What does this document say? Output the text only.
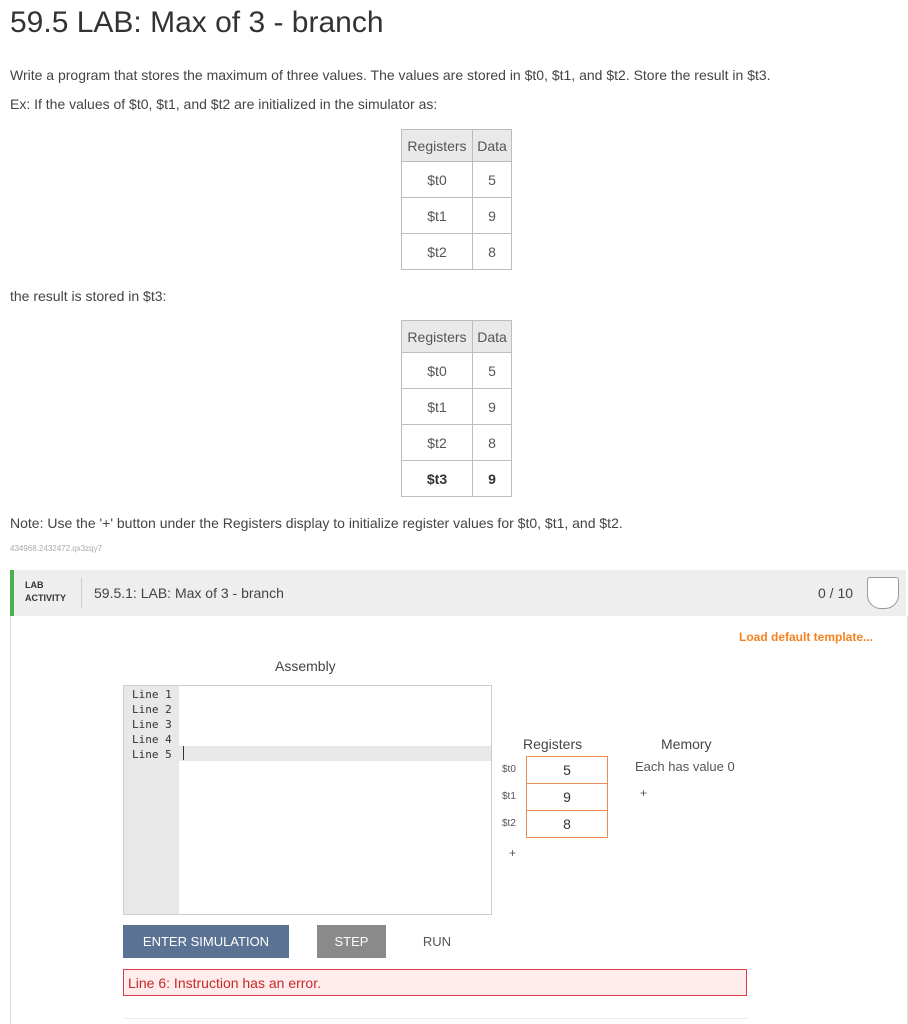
59.5 LAB: Max of 3 - branch

Write a program that stores the maximum of three values. The values are stored in $t0, $t1, and $t2. Store the result in $t3.

Ex: If the values of $t0, $t1, and $t2 are initialized in the simulator as:

Registers	Data
$t0	5
$t1	9
$t2	8

the result is stored in $t3:

Registers	Data
$t0	5
$t1	9
$t2	8
$t3	9

Note: Use the '+' button under the Registers display to initialize register values for $t0, $t1, and $t2.

434968.2432472.qx3zqy7
LAB
ACTIVITY 59.5.1: LAB: Max of 3 - branch	0 / 10
Load default template...
Assembly
Line 1
Line 2
Line 3
Line 4
Line 5
ENTER SIMULATION	STEP	RUN
Line 6: Instruction has an error.
Registers
$t0	5
$t1	9
$t2	8
+
Memory
Each has value 0
+
